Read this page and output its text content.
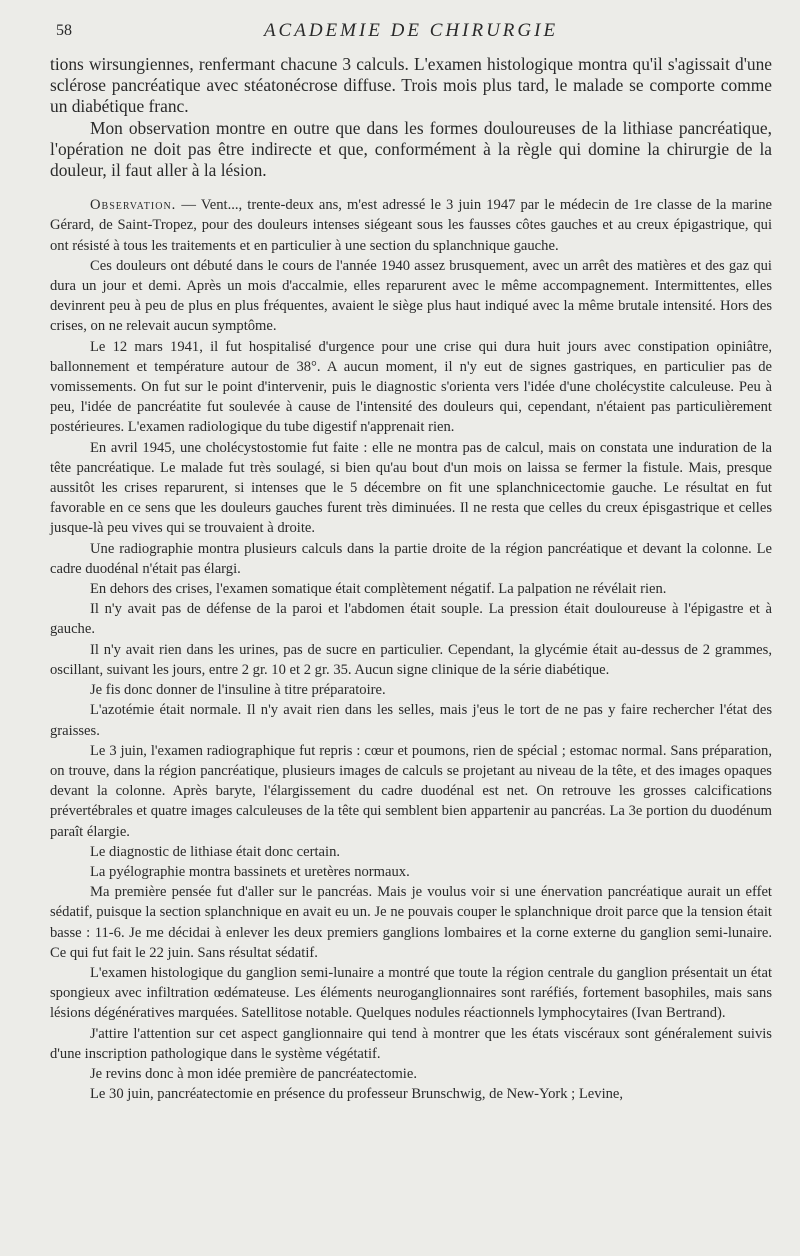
58	ACADEMIE DE CHIRURGIE

tions wirsungiennes, renfermant chacune 3 calculs. L'examen histologique montra qu'il s'agissait d'une sclérose pancréatique avec stéatonécrose diffuse. Trois mois plus tard, le malade se comporte comme un diabétique franc.

Mon observation montre en outre que dans les formes douloureuses de la lithiase pancréatique, l'opération ne doit pas être indirecte et que, conformément à la règle qui domine la chirurgie de la douleur, il faut aller à la lésion.

Observation. — Vent..., trente-deux ans, m'est adressé le 3 juin 1947 par le médecin de 1re classe de la marine Gérard, de Saint-Tropez, pour des douleurs intenses siégeant sous les fausses côtes gauches et au creux épigastrique, qui ont résisté à tous les traitements et en particulier à une section du splanchnique gauche.

Ces douleurs ont débuté dans le cours de l'année 1940 assez brusquement, avec un arrêt des matières et des gaz qui dura un jour et demi. Après un mois d'accalmie, elles reparurent avec le même accompagnement. Intermittentes, elles devinrent peu à peu de plus en plus fréquentes, avaient le siège plus haut indiqué avec la même brutale intensité. Hors des crises, on ne relevait aucun symptôme.

Le 12 mars 1941, il fut hospitalisé d'urgence pour une crise qui dura huit jours avec constipation opiniâtre, ballonnement et température autour de 38°. A aucun moment, il n'y eut de signes gastriques, en particulier pas de vomissements. On fut sur le point d'intervenir, puis le diagnostic s'orienta vers l'idée d'une cholécystite calculeuse. Peu à peu, l'idée de pancréatite fut soulevée à cause de l'intensité des douleurs qui, cependant, n'étaient pas particulièrement postérieures. L'examen radiologique du tube digestif n'apprenait rien.

En avril 1945, une cholécystostomie fut faite : elle ne montra pas de calcul, mais on constata une induration de la tête pancréatique. Le malade fut très soulagé, si bien qu'au bout d'un mois on laissa se fermer la fistule. Mais, presque aussitôt les crises reparurent, si intenses que le 5 décembre on fit une splanchnicectomie gauche. Le résultat en fut favorable en ce sens que les douleurs gauches furent très diminuées. Il ne resta que celles du creux épisgastrique et celles jusque-là peu vives qui se trouvaient à droite.

Une radiographie montra plusieurs calculs dans la partie droite de la région pancréatique et devant la colonne. Le cadre duodénal n'était pas élargi.

En dehors des crises, l'examen somatique était complètement négatif. La palpation ne révélait rien.

Il n'y avait pas de défense de la paroi et l'abdomen était souple. La pression était douloureuse à l'épigastre et à gauche.

Il n'y avait rien dans les urines, pas de sucre en particulier. Cependant, la glycémie était au-dessus de 2 grammes, oscillant, suivant les jours, entre 2 gr. 10 et 2 gr. 35. Aucun signe clinique de la série diabétique.

Je fis donc donner de l'insuline à titre préparatoire.

L'azotémie était normale. Il n'y avait rien dans les selles, mais j'eus le tort de ne pas y faire rechercher l'état des graisses.

Le 3 juin, l'examen radiographique fut repris : cœur et poumons, rien de spécial ; estomac normal. Sans préparation, on trouve, dans la région pancréatique, plusieurs images de calculs se projetant au niveau de la tête, et des images opaques devant la colonne. Après baryte, l'élargissement du cadre duodénal est net. On retrouve les grosses calcifications prévertébrales et quatre images calculeuses de la tête qui semblent bien appartenir au pancréas. La 3e portion du duodénum paraît élargie.

Le diagnostic de lithiase était donc certain.

La pyélographie montra bassinets et uretères normaux.

Ma première pensée fut d'aller sur le pancréas. Mais je voulus voir si une énervation pancréatique aurait un effet sédatif, puisque la section splanchnique en avait eu un. Je ne pouvais couper le splanchnique droit parce que la tension était basse : 11-6. Je me décidai à enlever les deux premiers ganglions lombaires et la corne externe du ganglion semi-lunaire. Ce qui fut fait le 22 juin. Sans résultat sédatif.

L'examen histologique du ganglion semi-lunaire a montré que toute la région centrale du ganglion présentait un état spongieux avec infiltration œdémateuse. Les éléments neuroganglionnaires sont raréfiés, fortement basophiles, mais sans lésions dégénératives marquées. Satellitose notable. Quelques nodules réactionnels lymphocytaires (Ivan Bertrand).

J'attire l'attention sur cet aspect ganglionnaire qui tend à montrer que les états viscéraux sont généralement suivis d'une inscription pathologique dans le système végétatif.

Je revins donc à mon idée première de pancréatectomie.

Le 30 juin, pancréatectomie en présence du professeur Brunschwig, de New-York ; Levine,
